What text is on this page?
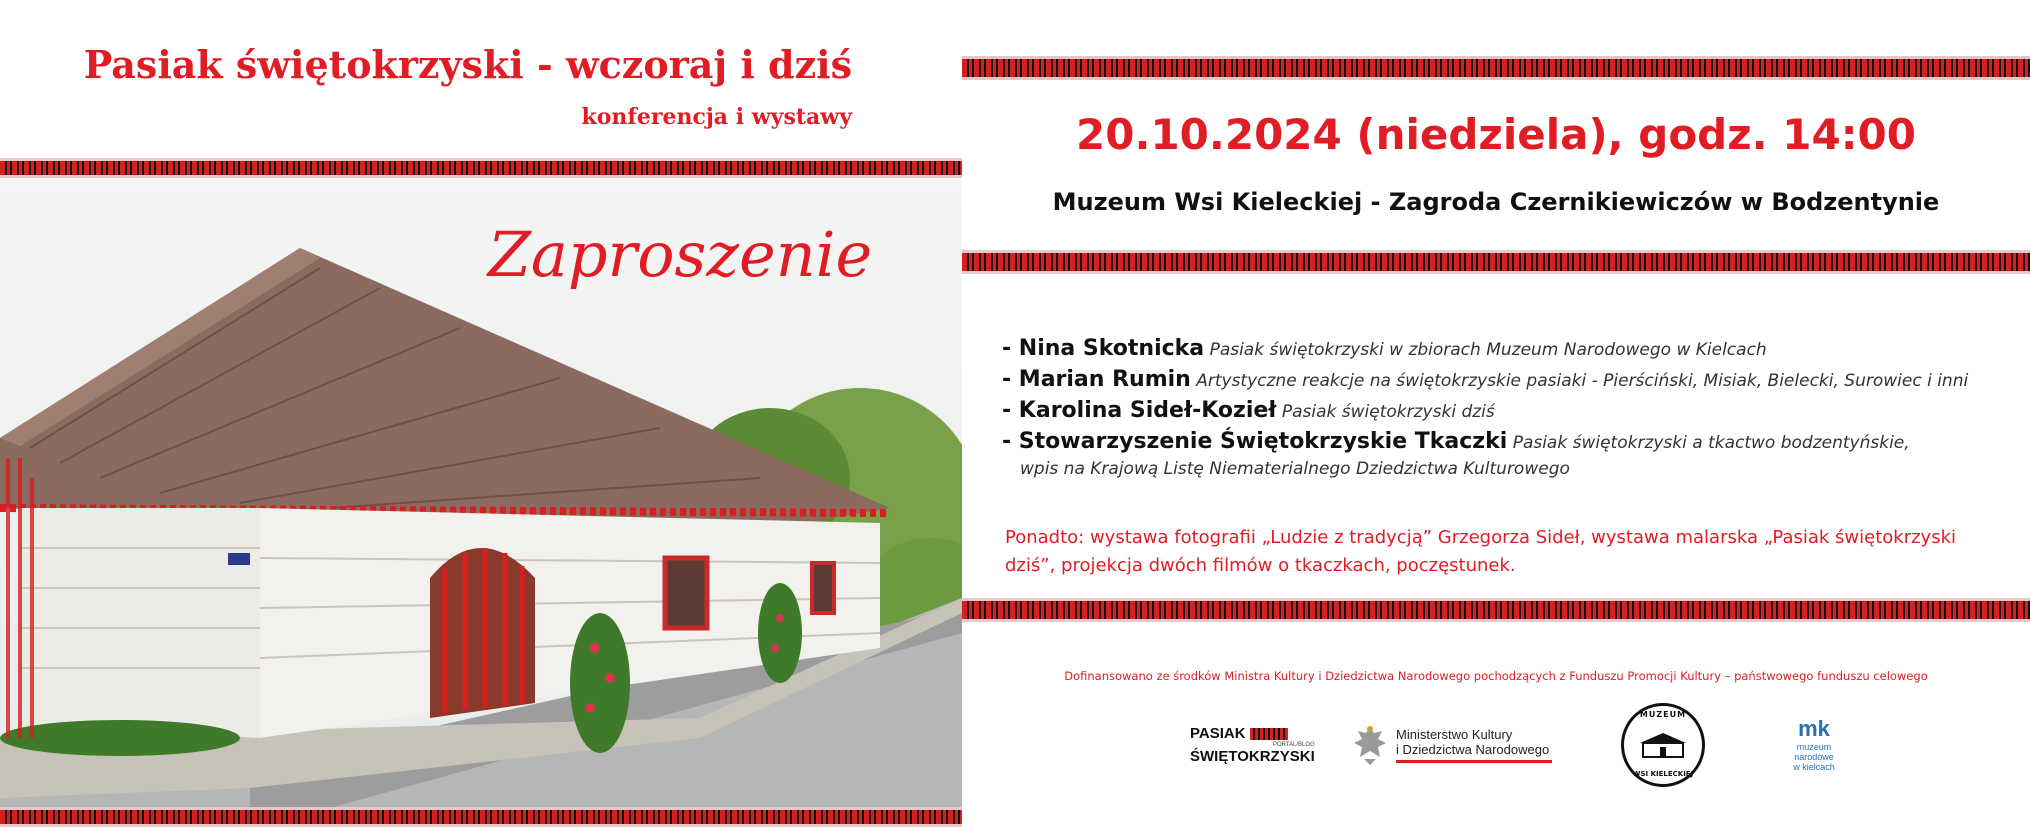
Pasiak świętokrzyski - wczoraj i dziś
konferencja i wystawy
Zaproszenie
20.10.2024 (niedziela), godz. 14:00
Muzeum Wsi Kieleckiej - Zagroda Czernikiewiczów w Bodzentynie
- Nina Skotnicka Pasiak świętokrzyski w zbiorach Muzeum Narodowego w Kielcach
- Marian Rumin Artystyczne reakcje na świętokrzyskie pasiaki - Pierściński, Misiak, Bielecki, Surowiec i inni
- Karolina Sideł-Kozieł Pasiak świętokrzyski dziś
- Stowarzyszenie Świętokrzyskie Tkaczki Pasiak świętokrzyski a tkactwo bodzentyńskie,
wpis na Krajową Listę Niematerialnego Dziedzictwa Kulturowego
Ponadto: wystawa fotografii „Ludzie z tradycją” Grzegorza Sideł, wystawa malarska „Pasiak świętokrzyski dziś”, projekcja dwóch filmów o tkaczkach, poczęstunek.
Dofinansowano ze środków Ministra Kultury i Dziedzictwa Narodowego pochodzących z Funduszu Promocji Kultury – państwowego funduszu celowego
PASIAK
PORTAL/BLOG
ŚWIĘTOKRZYSKI
Ministerstwo Kultury
i Dziedzictwa Narodowego
MUZEUM
WSI KIELECKIEJ
mk
muzeum
narodowe
w kielcach
